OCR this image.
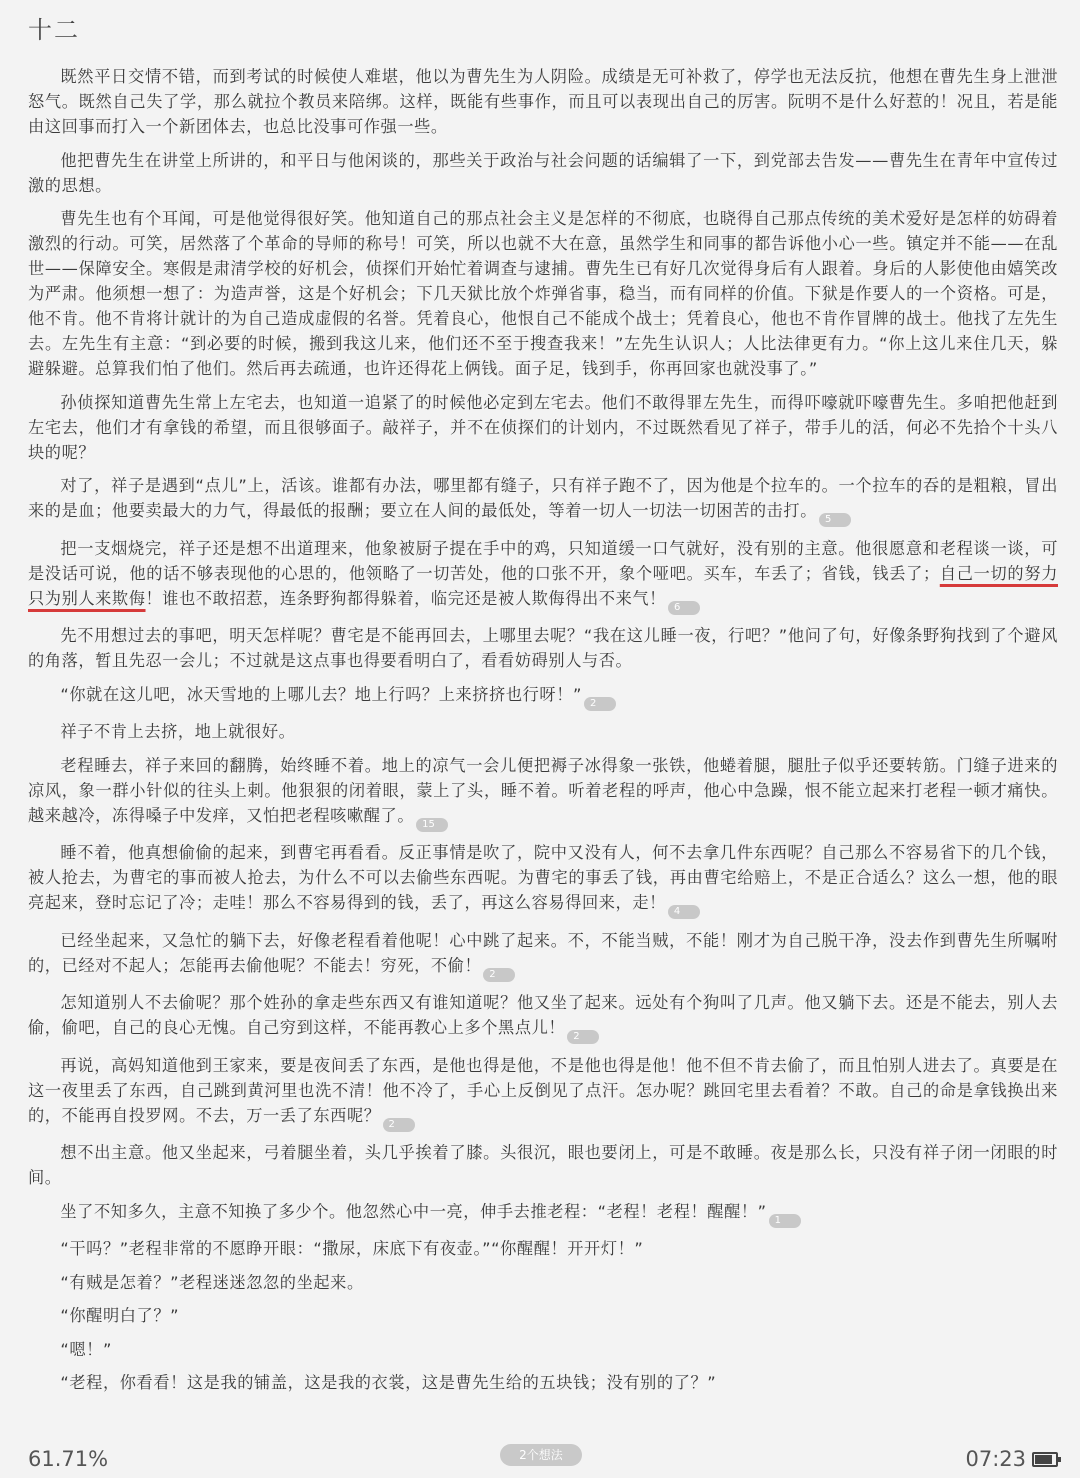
十二

既然平日交情不错，而到考试的时候使人难堪，他以为曹先生为人阴险。成绩是无可补救了，停学也无法反抗，他想在曹先生身上泄泄怒气。既然自己失了学，那么就拉个教员来陪绑。这样，既能有些事作，而且可以表现出自己的厉害。阮明不是什么好惹的！况且，若是能由这回事而打入一个新团体去，也总比没事可作强一些。

他把曹先生在讲堂上所讲的，和平日与他闲谈的，那些关于政治与社会问题的话编辑了一下，到党部去告发——曹先生在青年中宣传过激的思想。

曹先生也有个耳闻，可是他觉得很好笑。他知道自己的那点社会主义是怎样的不彻底，也晓得自己那点传统的美术爱好是怎样的妨碍着激烈的行动。可笑，居然落了个革命的导师的称号！可笑，所以也就不大在意，虽然学生和同事的都告诉他小心一些。镇定并不能——在乱世——保障安全。寒假是肃清学校的好机会，侦探们开始忙着调查与逮捕。曹先生已有好几次觉得身后有人跟着。身后的人影使他由嬉笑改为严肃。他须想一想了：为造声誉，这是个好机会；下几天狱比放个炸弹省事，稳当，而有同样的价值。下狱是作要人的一个资格。可是，他不肯。他不肯将计就计的为自己造成虚假的名誉。凭着良心，他恨自己不能成个战士；凭着良心，他也不肯作冒牌的战士。他找了左先生去。左先生有主意：“到必要的时候，搬到我这儿来，他们还不至于搜查我来！”左先生认识人；人比法律更有力。“你上这儿来住几天，躲避躲避。总算我们怕了他们。然后再去疏通，也许还得花上俩钱。面子足，钱到手，你再回家也就没事了。”

孙侦探知道曹先生常上左宅去，也知道一追紧了的时候他必定到左宅去。他们不敢得罪左先生，而得吓嚎就吓嚎曹先生。多咱把他赶到左宅去，他们才有拿钱的希望，而且很够面子。敲祥子，并不在侦探们的计划内，不过既然看见了祥子，带手儿的活，何必不先拾个十头八块的呢？

对了，祥子是遇到“点儿”上，活该。谁都有办法，哪里都有缝子，只有祥子跑不了，因为他是个拉车的。一个拉车的吞的是粗粮，冒出来的是血；他要卖最大的力气，得最低的报酬；要立在人间的最低处，等着一切人一切法一切困苦的击打。 5

把一支烟烧完，祥子还是想不出道理来，他象被厨子提在手中的鸡，只知道缓一口气就好，没有别的主意。他很愿意和老程谈一谈，可是没话可说，他的话不够表现他的心思的，他领略了一切苦处，他的口张不开，象个哑吧。买车，车丢了；省钱，钱丢了；自己一切的努力只为别人来欺侮！谁也不敢招惹，连条野狗都得躲着，临完还是被人欺侮得出不来气！ 6

先不用想过去的事吧，明天怎样呢？曹宅是不能再回去，上哪里去呢？“我在这儿睡一夜，行吧？”他问了句，好像条野狗找到了个避风的角落，暂且先忍一会儿；不过就是这点事也得要看明白了，看看妨碍别人与否。

“你就在这儿吧，冰天雪地的上哪儿去？地上行吗？上来挤挤也行呀！” 2

祥子不肯上去挤，地上就很好。

老程睡去，祥子来回的翻腾，始终睡不着。地上的凉气一会儿便把褥子冰得象一张铁，他蜷着腿，腿肚子似乎还要转筋。门缝子进来的凉风，象一群小针似的往头上刺。他狠狠的闭着眼，蒙上了头，睡不着。听着老程的呼声，他心中急躁，恨不能立起来打老程一顿才痛快。越来越冷，冻得嗓子中发痒，又怕把老程咳嗽醒了。 15

睡不着，他真想偷偷的起来，到曹宅再看看。反正事情是吹了，院中又没有人，何不去拿几件东西呢？自己那么不容易省下的几个钱，被人抢去，为曹宅的事而被人抢去，为什么不可以去偷些东西呢。为曹宅的事丢了钱，再由曹宅给赔上，不是正合适么？这么一想，他的眼亮起来，登时忘记了冷；走哇！那么不容易得到的钱，丢了，再这么容易得回来，走！ 4

已经坐起来，又急忙的躺下去，好像老程看着他呢！心中跳了起来。不，不能当贼，不能！刚才为自己脱干净，没去作到曹先生所嘱咐的，已经对不起人；怎能再去偷他呢？不能去！穷死，不偷！ 2

怎知道别人不去偷呢？那个姓孙的拿走些东西又有谁知道呢？他又坐了起来。远处有个狗叫了几声。他又躺下去。还是不能去，别人去偷，偷吧，自己的良心无愧。自己穷到这样，不能再教心上多个黑点儿！ 2

再说，高妈知道他到王家来，要是夜间丢了东西，是他也得是他，不是他也得是他！他不但不肯去偷了，而且怕别人进去了。真要是在这一夜里丢了东西，自己跳到黄河里也洗不清！他不冷了，手心上反倒见了点汗。怎办呢？跳回宅里去看着？不敢。自己的命是拿钱换出来的，不能再自投罗网。不去，万一丢了东西呢？ 2

想不出主意。他又坐起来，弓着腿坐着，头几乎挨着了膝。头很沉，眼也要闭上，可是不敢睡。夜是那么长，只没有祥子闭一闭眼的时间。

坐了不知多久，主意不知换了多少个。他忽然心中一亮，伸手去推老程：“老程！老程！醒醒！” 1

“干吗？”老程非常的不愿睁开眼：“撒尿，床底下有夜壶。”“你醒醒！开开灯！”

“有贼是怎着？”老程迷迷忽忽的坐起来。

“你醒明白了？”

“嗯！”

“老程，你看看！这是我的铺盖，这是我的衣裳，这是曹先生给的五块钱；没有别的了？”

61.71%	2个想法	07:23
